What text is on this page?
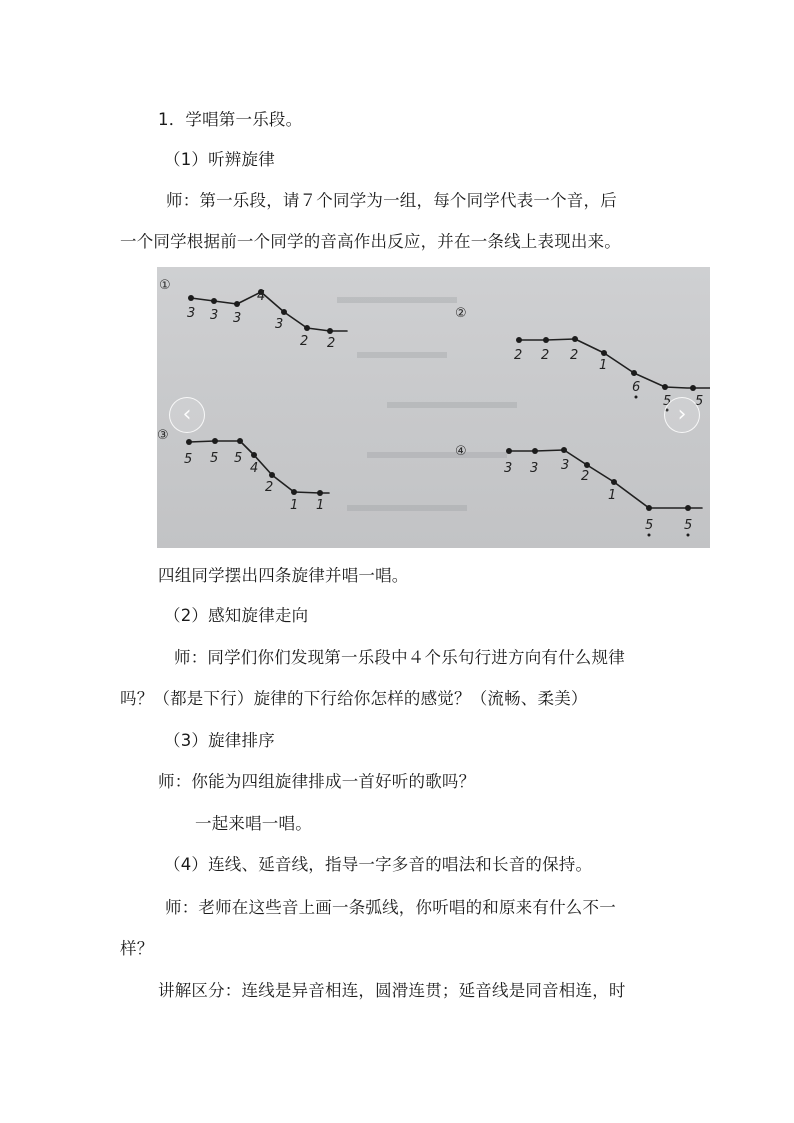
1．学唱第一乐段。
（1）听辨旋律
师：第一乐段，请７个同学为一组，每个同学代表一个音，后
一个同学根据前一个同学的音高作出反应，并在一条线上表现出来。
①
3 3 3
4
3
2 2
②
2 2 2
1
6
5 5
③
5 5 5
4
2
1 1
④
3 3 3
2
1
5 5
‹	›
四组同学摆出四条旋律并唱一唱。
（2）感知旋律走向
师：同学们你们发现第一乐段中４个乐句行进方向有什么规律
吗？（都是下行）旋律的下行给你怎样的感觉？（流畅、柔美）
（3）旋律排序
师：你能为四组旋律排成一首好听的歌吗？
一起来唱一唱。
（4）连线、延音线，指导一字多音的唱法和长音的保持。
师：老师在这些音上画一条弧线，你听唱的和原来有什么不一
样？
讲解区分：连线是异音相连，圆滑连贯；延音线是同音相连，时
